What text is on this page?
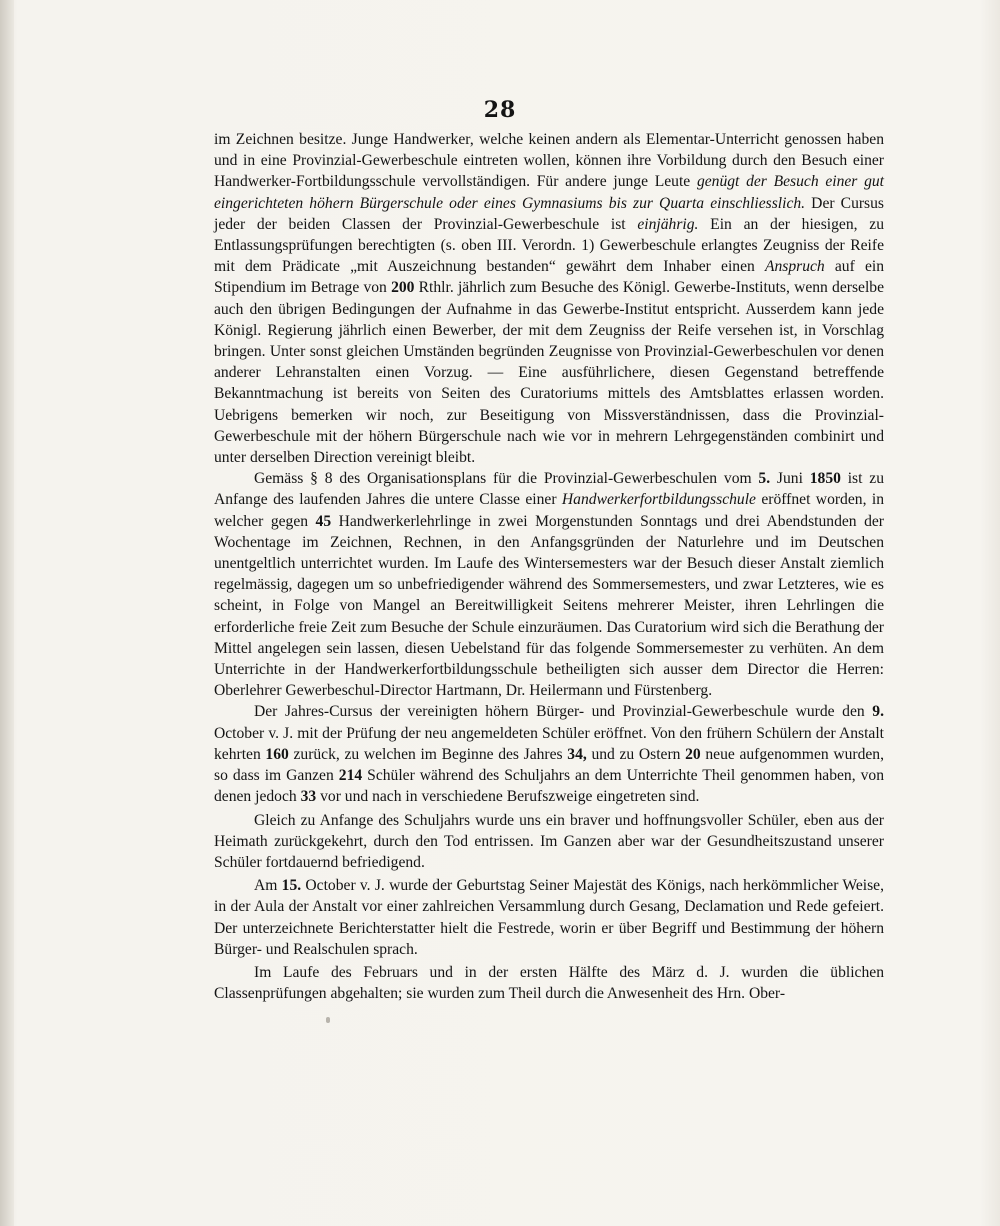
28

im Zeichnen besitze. Junge Handwerker, welche keinen andern als Elementar-Unterricht genossen haben und in eine Provinzial-Gewerbeschule eintreten wollen, können ihre Vorbildung durch den Besuch einer Handwerker-Fortbildungsschule vervollständigen. Für andere junge Leute genügt der Besuch einer gut eingerichteten höhern Bürgerschule oder eines Gymnasiums bis zur Quarta einschliesslich. Der Cursus jeder der beiden Classen der Provinzial-Gewerbeschule ist einjährig. Ein an der hiesigen, zu Entlassungsprüfungen berechtigten (s. oben III. Verordn. 1) Gewerbeschule erlangtes Zeugniss der Reife mit dem Prädicate „mit Auszeichnung bestanden“ gewährt dem Inhaber einen Anspruch auf ein Stipendium im Betrage von 200 Rthlr. jährlich zum Besuche des Königl. Gewerbe-Instituts, wenn derselbe auch den übrigen Bedingungen der Aufnahme in das Gewerbe-Institut entspricht. Ausserdem kann jede Königl. Regierung jährlich einen Bewerber, der mit dem Zeugniss der Reife versehen ist, in Vorschlag bringen. Unter sonst gleichen Umständen begründen Zeugnisse von Provinzial-Gewerbeschulen vor denen anderer Lehranstalten einen Vorzug. — Eine ausführlichere, diesen Gegenstand betreffende Bekanntmachung ist bereits von Seiten des Curatoriums mittels des Amtsblattes erlassen worden. Uebrigens bemerken wir noch, zur Beseitigung von Missverständnissen, dass die Provinzial-Gewerbeschule mit der höhern Bürgerschule nach wie vor in mehrern Lehrgegenständen combinirt und unter derselben Direction vereinigt bleibt.

Gemäss § 8 des Organisationsplans für die Provinzial-Gewerbeschulen vom 5. Juni 1850 ist zu Anfange des laufenden Jahres die untere Classe einer Handwerkerfortbildungsschule eröffnet worden, in welcher gegen 45 Handwerkerlehrlinge in zwei Morgenstunden Sonntags und drei Abendstunden der Wochentage im Zeichnen, Rechnen, in den Anfangsgründen der Naturlehre und im Deutschen unentgeltlich unterrichtet wurden. Im Laufe des Wintersemesters war der Besuch dieser Anstalt ziemlich regelmässig, dagegen um so unbefriedigender während des Sommersemesters, und zwar Letzteres, wie es scheint, in Folge von Mangel an Bereitwilligkeit Seitens mehrerer Meister, ihren Lehrlingen die erforderliche freie Zeit zum Besuche der Schule einzuräumen. Das Curatorium wird sich die Berathung der Mittel angelegen sein lassen, diesen Uebelstand für das folgende Sommersemester zu verhüten. An dem Unterrichte in der Handwerkerfortbildungsschule betheiligten sich ausser dem Director die Herren: Oberlehrer Gewerbeschul-Director Hartmann, Dr. Heilermann und Fürstenberg.

Der Jahres-Cursus der vereinigten höhern Bürger- und Provinzial-Gewerbeschule wurde den 9. October v. J. mit der Prüfung der neu angemeldeten Schüler eröffnet. Von den frühern Schülern der Anstalt kehrten 160 zurück, zu welchen im Beginne des Jahres 34, und zu Ostern 20 neue aufgenommen wurden, so dass im Ganzen 214 Schüler während des Schuljahrs an dem Unterrichte Theil genommen haben, von denen jedoch 33 vor und nach in verschiedene Berufszweige eingetreten sind.

Gleich zu Anfange des Schuljahrs wurde uns ein braver und hoffnungsvoller Schüler, eben aus der Heimath zurückgekehrt, durch den Tod entrissen. Im Ganzen aber war der Gesundheitszustand unserer Schüler fortdauernd befriedigend.

Am 15. October v. J. wurde der Geburtstag Seiner Majestät des Königs, nach herkömmlicher Weise, in der Aula der Anstalt vor einer zahlreichen Versammlung durch Gesang, Declamation und Rede gefeiert. Der unterzeichnete Berichterstatter hielt die Festrede, worin er über Begriff und Bestimmung der höhern Bürger- und Realschulen sprach.

Im Laufe des Februars und in der ersten Hälfte des März d. J. wurden die üblichen Classenprüfungen abgehalten; sie wurden zum Theil durch die Anwesenheit des Hrn. Ober-
